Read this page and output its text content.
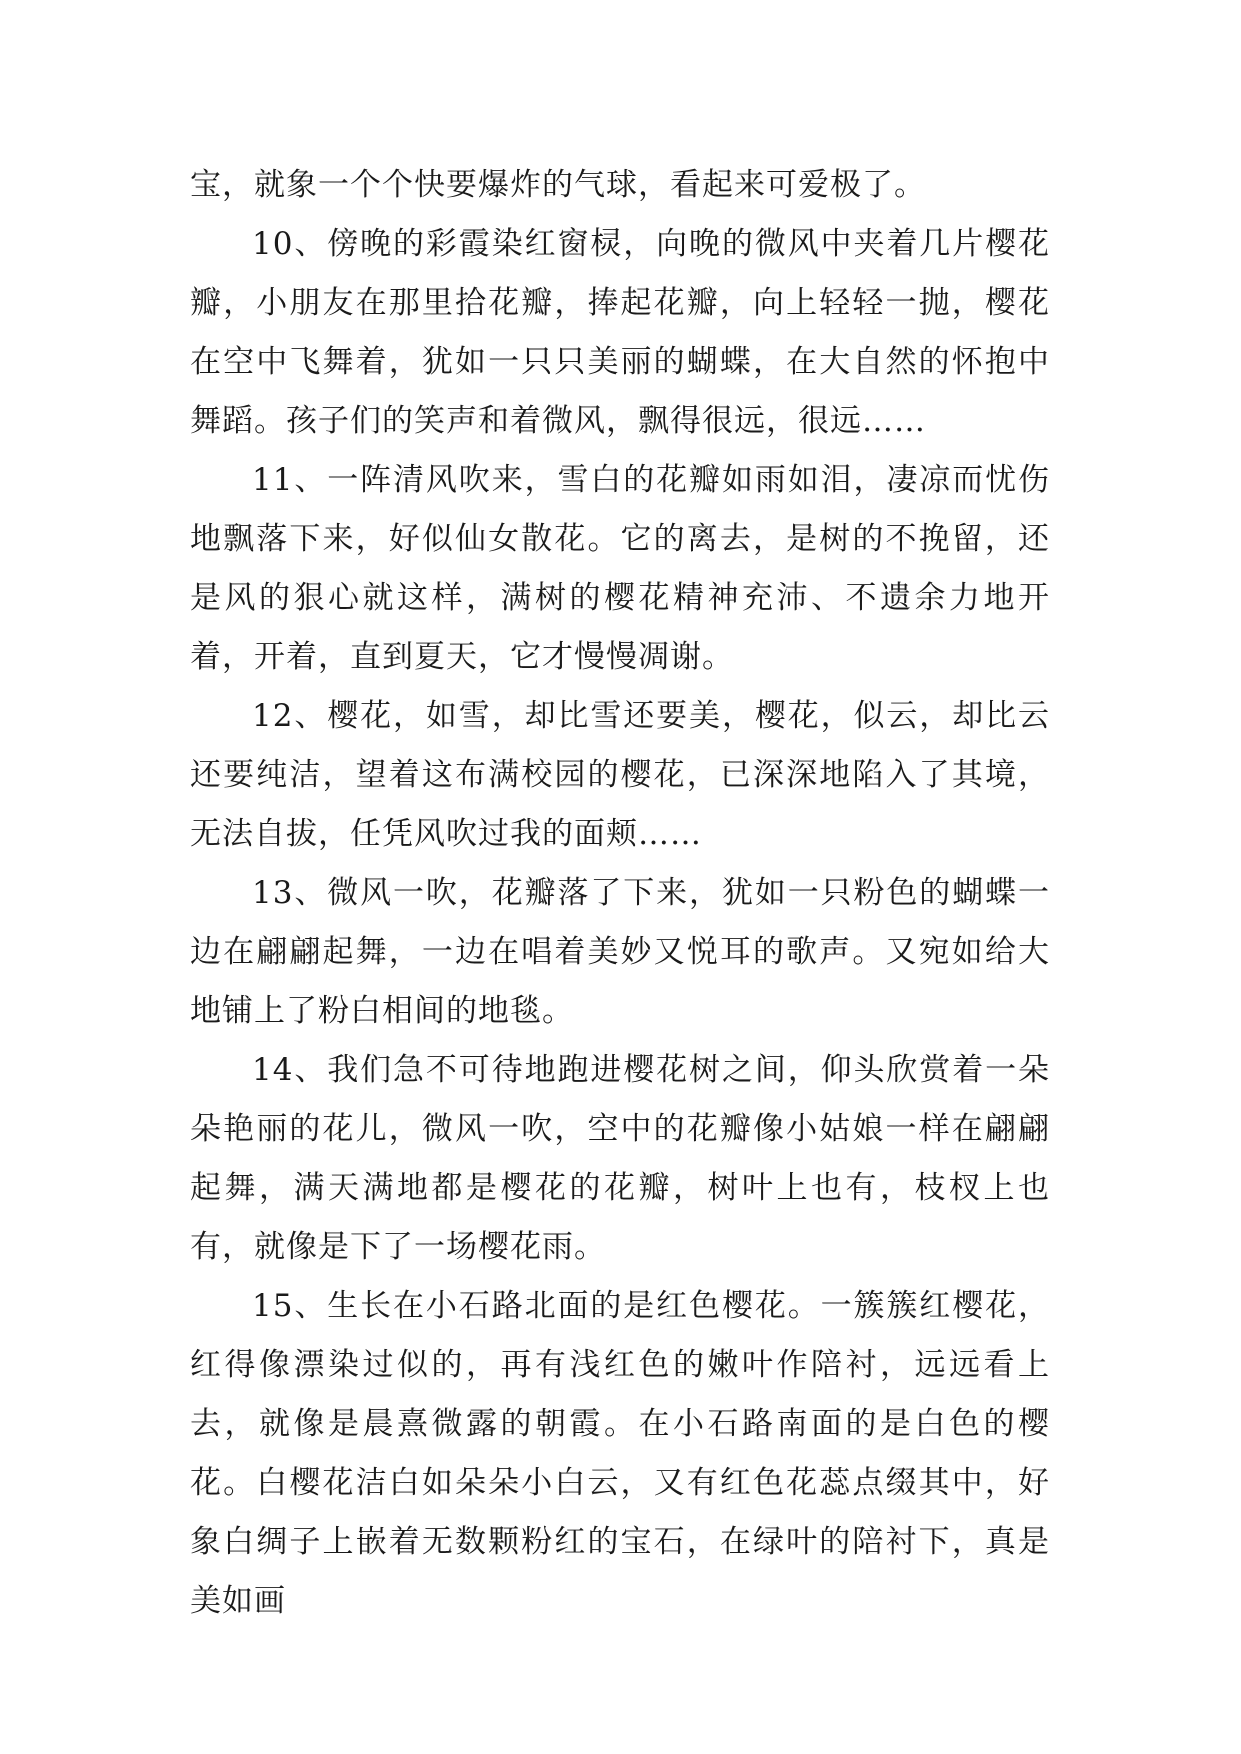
宝，就象一个个快要爆炸的气球，看起来可爱极了。

10、傍晚的彩霞染红窗棂，向晚的微风中夹着几片樱花瓣，小朋友在那里拾花瓣，捧起花瓣，向上轻轻一抛，樱花在空中飞舞着，犹如一只只美丽的蝴蝶，在大自然的怀抱中舞蹈。孩子们的笑声和着微风，飘得很远，很远……

11、一阵清风吹来，雪白的花瓣如雨如泪，凄凉而忧伤地飘落下来，好似仙女散花。它的离去，是树的不挽留，还是风的狠心就这样，满树的樱花精神充沛、不遗余力地开着，开着，直到夏天，它才慢慢凋谢。

12、樱花，如雪，却比雪还要美，樱花，似云，却比云还要纯洁，望着这布满校园的樱花，已深深地陷入了其境，无法自拔，任凭风吹过我的面颊……

13、微风一吹，花瓣落了下来，犹如一只粉色的蝴蝶一边在翩翩起舞，一边在唱着美妙又悦耳的歌声。又宛如给大地铺上了粉白相间的地毯。

14、我们急不可待地跑进樱花树之间，仰头欣赏着一朵朵艳丽的花儿，微风一吹，空中的花瓣像小姑娘一样在翩翩起舞，满天满地都是樱花的花瓣，树叶上也有，枝杈上也有，就像是下了一场樱花雨。

15、生长在小石路北面的是红色樱花。一簇簇红樱花，红得像漂染过似的，再有浅红色的嫩叶作陪衬，远远看上去，就像是晨熹微露的朝霞。在小石路南面的是白色的樱花。白樱花洁白如朵朵小白云，又有红色花蕊点缀其中，好象白绸子上嵌着无数颗粉红的宝石，在绿叶的陪衬下，真是美如画
